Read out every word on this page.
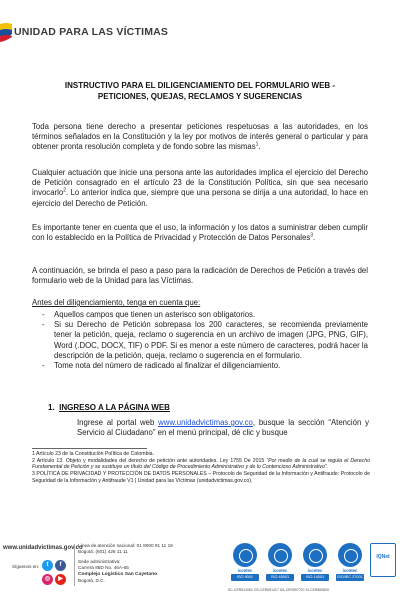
UNIDAD PARA LAS VÍCTIMAS
INSTRUCTIVO PARA EL DILIGENCIAMIENTO DEL FORMULARIO WEB -
PETICIONES, QUEJAS, RECLAMOS Y SUGERENCIAS
Toda persona tiene derecho a presentar peticiones respetuosas a las autoridades, en los términos señalados en la Constitución y la ley por motivos de interés general o particular y para obtener pronta resolución completa y de fondo sobre las mismas$^1$.
Cualquier actuación que inicie una persona ante las autoridades implica el ejercicio del Derecho de Petición consagrado en el artículo 23 de la Constitución Política, sin que sea necesario invocarlo$^2$. Lo anterior indica que, siempre que una persona se dirija a una autoridad, lo hace en ejercicio del Derecho de Petición.
Es importante tener en cuenta que el uso, la información y los datos a suministrar deben cumplir con lo establecido en la Política de Privacidad y Protección de Datos Personales$^3$.
A continuación, se brinda el paso a paso para la radicación de Derechos de Petición a través del formulario web de la Unidad para las Víctimas.
Antes del diligenciamiento, tenga en cuenta que:
- Aquellos campos que tienen un asterisco son obligatorios.
- Si su Derecho de Petición sobrepasa los 200 caracteres, se recomienda previamente tener la petición, queja, reclamo o sugerencia en un archivo de imagen (JPG, PNG, GIF), Word (.DOC, DOCX, TIF) o PDF. Si es menor a este número de caracteres, podrá hacer la descripción de la petición, queja, reclamo o sugerencia en el formulario.
- Tome nota del número de radicado al finalizar el diligenciamiento.
1. INGRESO A LA PÁGINA WEB
Ingrese al portal web www.unidadvictimas.gov.co, busque la sección “Atención y Servicio al Ciudadano” en el menú principal, dé clic y busque

1 Artículo 23 de la Constitución Política de Colombia.

2 Artículo 13. Objeto y modalidades del derecho de petición ante autoridades. Ley 1755 De 2015 “Por medio de la cual se regula el Derecho Fundamental de Petición y se sustituye un título del Código de Procedimiento Administrativo y de lo Contencioso Administrativo”.

3 POLÍTICA DE PRIVACIDAD Y PROTECCIÓN DE DATOS PERSONALES – Protocolo de Seguridad de la Información y Antifraude: Protocolo de Seguridad de la Información y Antifraude V1 | Unidad para las Víctimas (unidadvictimas.gov.co).

www.unidadvictimas.gov.co
Síguenos en:	t	f
◎	▶
Línea de atención nacional: 01 8000 91 11 19
Bogotá: (601) 426 11 11
Sede administrativa:
Carrera 85D No. 46A-65
Complejo Logístico San Cayetano
Bogotá, D.C.
icontec
ISO 9001
icontec
ISO 45001
icontec
ISO 14001
icontec
ISO/IEC 27001
IQNet
SC-CER512062 OS-CER591417 SA-CER597700 SI-CER569809
